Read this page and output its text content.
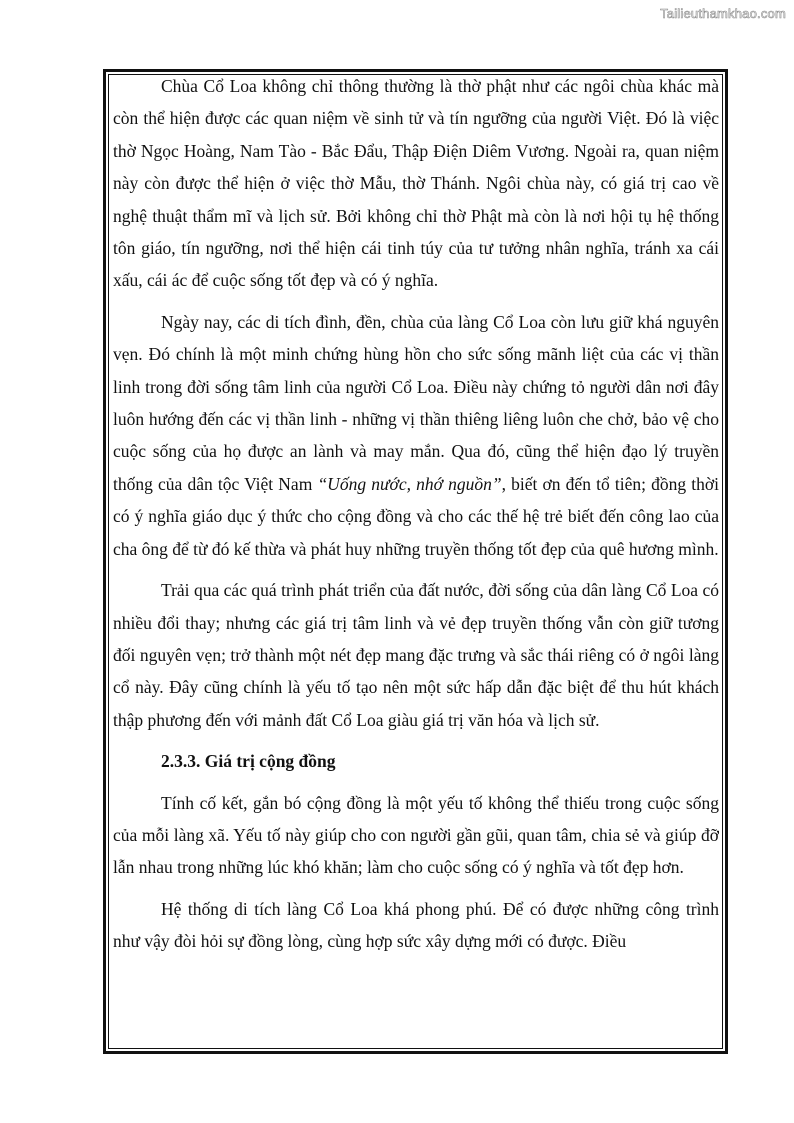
Tailieuthamkhao.com

Chùa Cổ Loa không chỉ thông thường là thờ phật như các ngôi chùa khác mà còn thể hiện được các quan niệm về sinh tử và tín ngưỡng của người Việt. Đó là việc thờ Ngọc Hoàng, Nam Tào - Bắc Đẩu, Thập Điện Diêm Vương. Ngoài ra, quan niệm này còn được thể hiện ở việc thờ Mẫu, thờ Thánh. Ngôi chùa này, có giá trị cao về nghệ thuật thẩm mĩ và lịch sử. Bởi không chỉ thờ Phật mà còn là nơi hội tụ hệ thống tôn giáo, tín ngưỡng, nơi thể hiện cái tinh túy của tư tưởng nhân nghĩa, tránh xa cái xấu, cái ác để cuộc sống tốt đẹp và có ý nghĩa.

Ngày nay, các di tích đình, đền, chùa của làng Cổ Loa còn lưu giữ khá nguyên vẹn. Đó chính là một minh chứng hùng hồn cho sức sống mãnh liệt của các vị thần linh trong đời sống tâm linh của người Cổ Loa. Điều này chứng tỏ người dân nơi đây luôn hướng đến các vị thần linh - những vị thần thiêng liêng luôn che chở, bảo vệ cho cuộc sống của họ được an lành và may mắn. Qua đó, cũng thể hiện đạo lý truyền thống của dân tộc Việt Nam “Uống nước, nhớ nguồn”, biết ơn đến tổ tiên; đồng thời có ý nghĩa giáo dục ý thức cho cộng đồng và cho các thế hệ trẻ biết đến công lao của cha ông để từ đó kế thừa và phát huy những truyền thống tốt đẹp của quê hương mình.

Trải qua các quá trình phát triển của đất nước, đời sống của dân làng Cổ Loa có nhiều đổi thay; nhưng các giá trị tâm linh và vẻ đẹp truyền thống vẫn còn giữ tương đối nguyên vẹn; trở thành một nét đẹp mang đặc trưng và sắc thái riêng có ở ngôi làng cổ này. Đây cũng chính là yếu tố tạo nên một sức hấp dẫn đặc biệt để thu hút khách thập phương đến với mảnh đất Cổ Loa giàu giá trị văn hóa và lịch sử.

2.3.3. Giá trị cộng đồng

Tính cố kết, gắn bó cộng đồng là một yếu tố không thể thiếu trong cuộc sống của mỗi làng xã. Yếu tố này giúp cho con người gần gũi, quan tâm, chia sẻ và giúp đỡ lẫn nhau trong những lúc khó khăn; làm cho cuộc sống có ý nghĩa và tốt đẹp hơn.

Hệ thống di tích làng Cổ Loa khá phong phú. Để có được những công trình như vậy đòi hỏi sự đồng lòng, cùng hợp sức xây dựng mới có được. Điều
